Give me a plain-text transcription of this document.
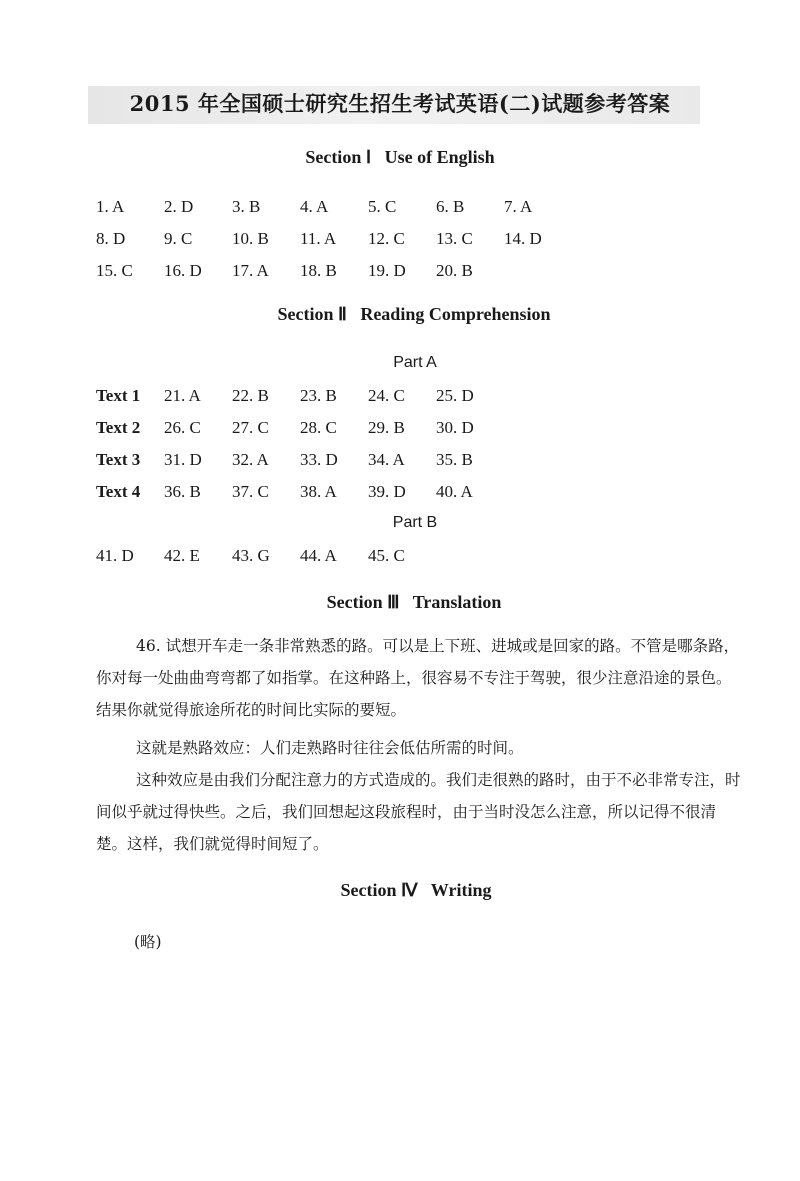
2015 年全国硕士研究生招生考试英语(二)试题参考答案
Section Ⅰ   Use of English
1. A 2. D 3. B 4. A 5. C 6. B 7. A
8. D 9. C 10. B 11. A 12. C 13. C 14. D
15. C 16. D 17. A 18. B 19. D 20. B
Section Ⅱ   Reading Comprehension
Part A
Text 1 21. A 22. B 23. B 24. C 25. D
Text 2 26. C 27. C 28. C 29. B 30. D
Text 3 31. D 32. A 33. D 34. A 35. B
Text 4 36. B 37. C 38. A 39. D 40. A
Part B
41. D 42. E 43. G 44. A 45. C
Section Ⅲ   Translation
46. 试想开车走一条非常熟悉的路。可以是上下班、进城或是回家的路。不管是哪条路，你对每一处曲曲弯弯都了如指掌。在这种路上，很容易不专注于驾驶，很少注意沿途的景色。结果你就觉得旅途所花的时间比实际的要短。
这就是熟路效应：人们走熟路时往往会低估所需的时间。
这种效应是由我们分配注意力的方式造成的。我们走很熟的路时，由于不必非常专注，时间似乎就过得快些。之后，我们回想起这段旅程时，由于当时没怎么注意，所以记得不很清楚。这样，我们就觉得时间短了。
Section Ⅳ   Writing
(略)
